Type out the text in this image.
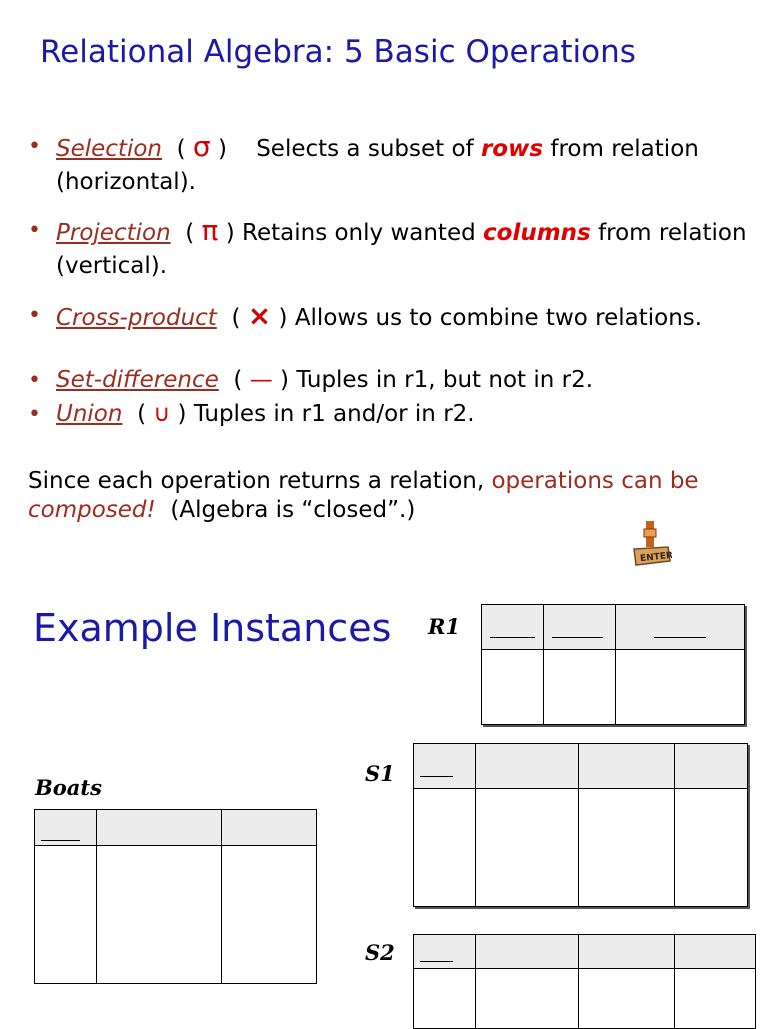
Relational Algebra: 5 Basic Operations
• Selection  ( σ )    Selects a subset of rows from relation (horizontal).
• Projection  ( π ) Retains only wanted columns from relation (vertical).
• Cross-product  ( × ) Allows us to combine two relations.
• Set-difference  ( — ) Tuples in r1, but not in r2.
• Union  ( ∪ ) Tuples in r1 and/or in r2.
Since each operation returns a relation, operations can be composed! (Algebra is “closed”.)
ENTER
Example Instances R1

S1

Boats

S2
